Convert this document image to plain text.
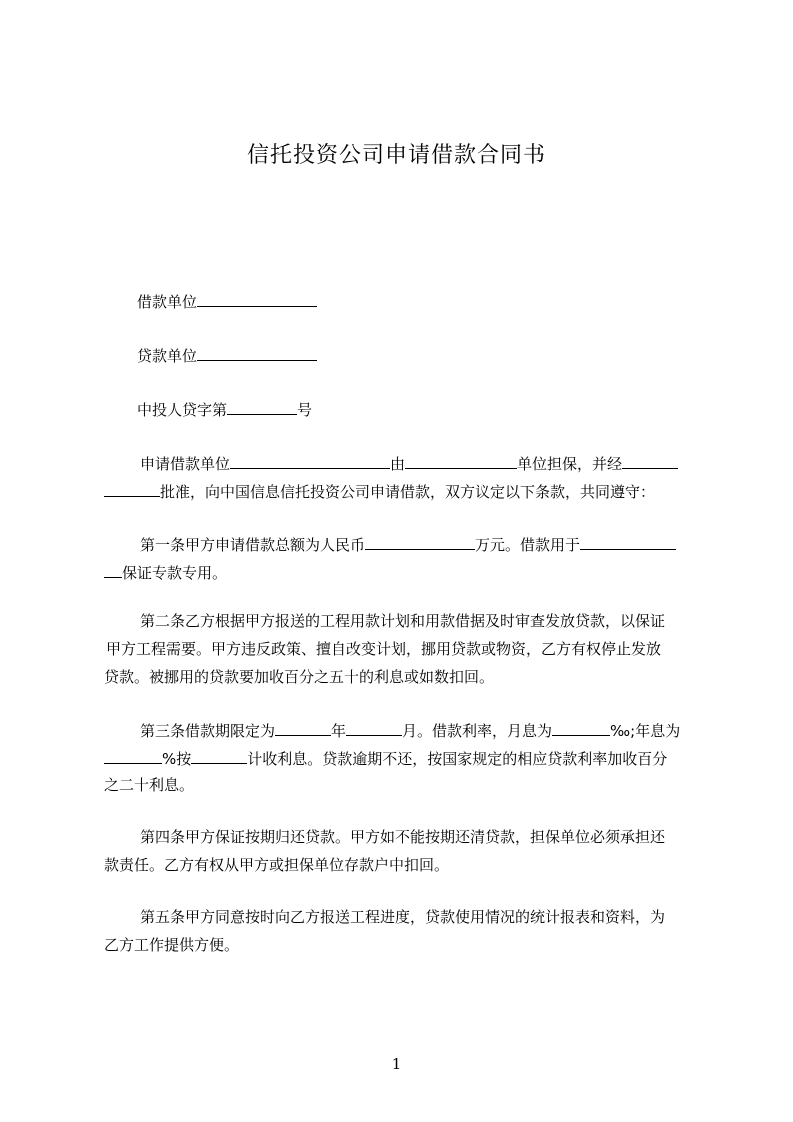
信托投资公司申请借款合同书
借款单位
贷款单位
中投人贷字第	号
申请借款单位	由	单位担保，并经
批准，向中国信息信托投资公司申请借款，双方议定以下条款，共同遵守：
第一条甲方申请借款总额为人民币	万元。借款用于
保证专款专用。
第二条乙方根据甲方报送的工程用款计划和用款借据及时审查发放贷款，以保证
甲方工程需要。甲方违反政策、擅自改变计划，挪用贷款或物资，乙方有权停止发放
贷款。被挪用的贷款要加收百分之五十的利息或如数扣回。
第三条借款期限定为	年	月。借款利率，月息为	‰;年息为
%按	计收利息。贷款逾期不还，按国家规定的相应贷款利率加收百分
之二十利息。
第四条甲方保证按期归还贷款。甲方如不能按期还清贷款，担保单位必须承担还
款责任。乙方有权从甲方或担保单位存款户中扣回。
第五条甲方同意按时向乙方报送工程进度，贷款使用情况的统计报表和资料，为
乙方工作提供方便。
1
